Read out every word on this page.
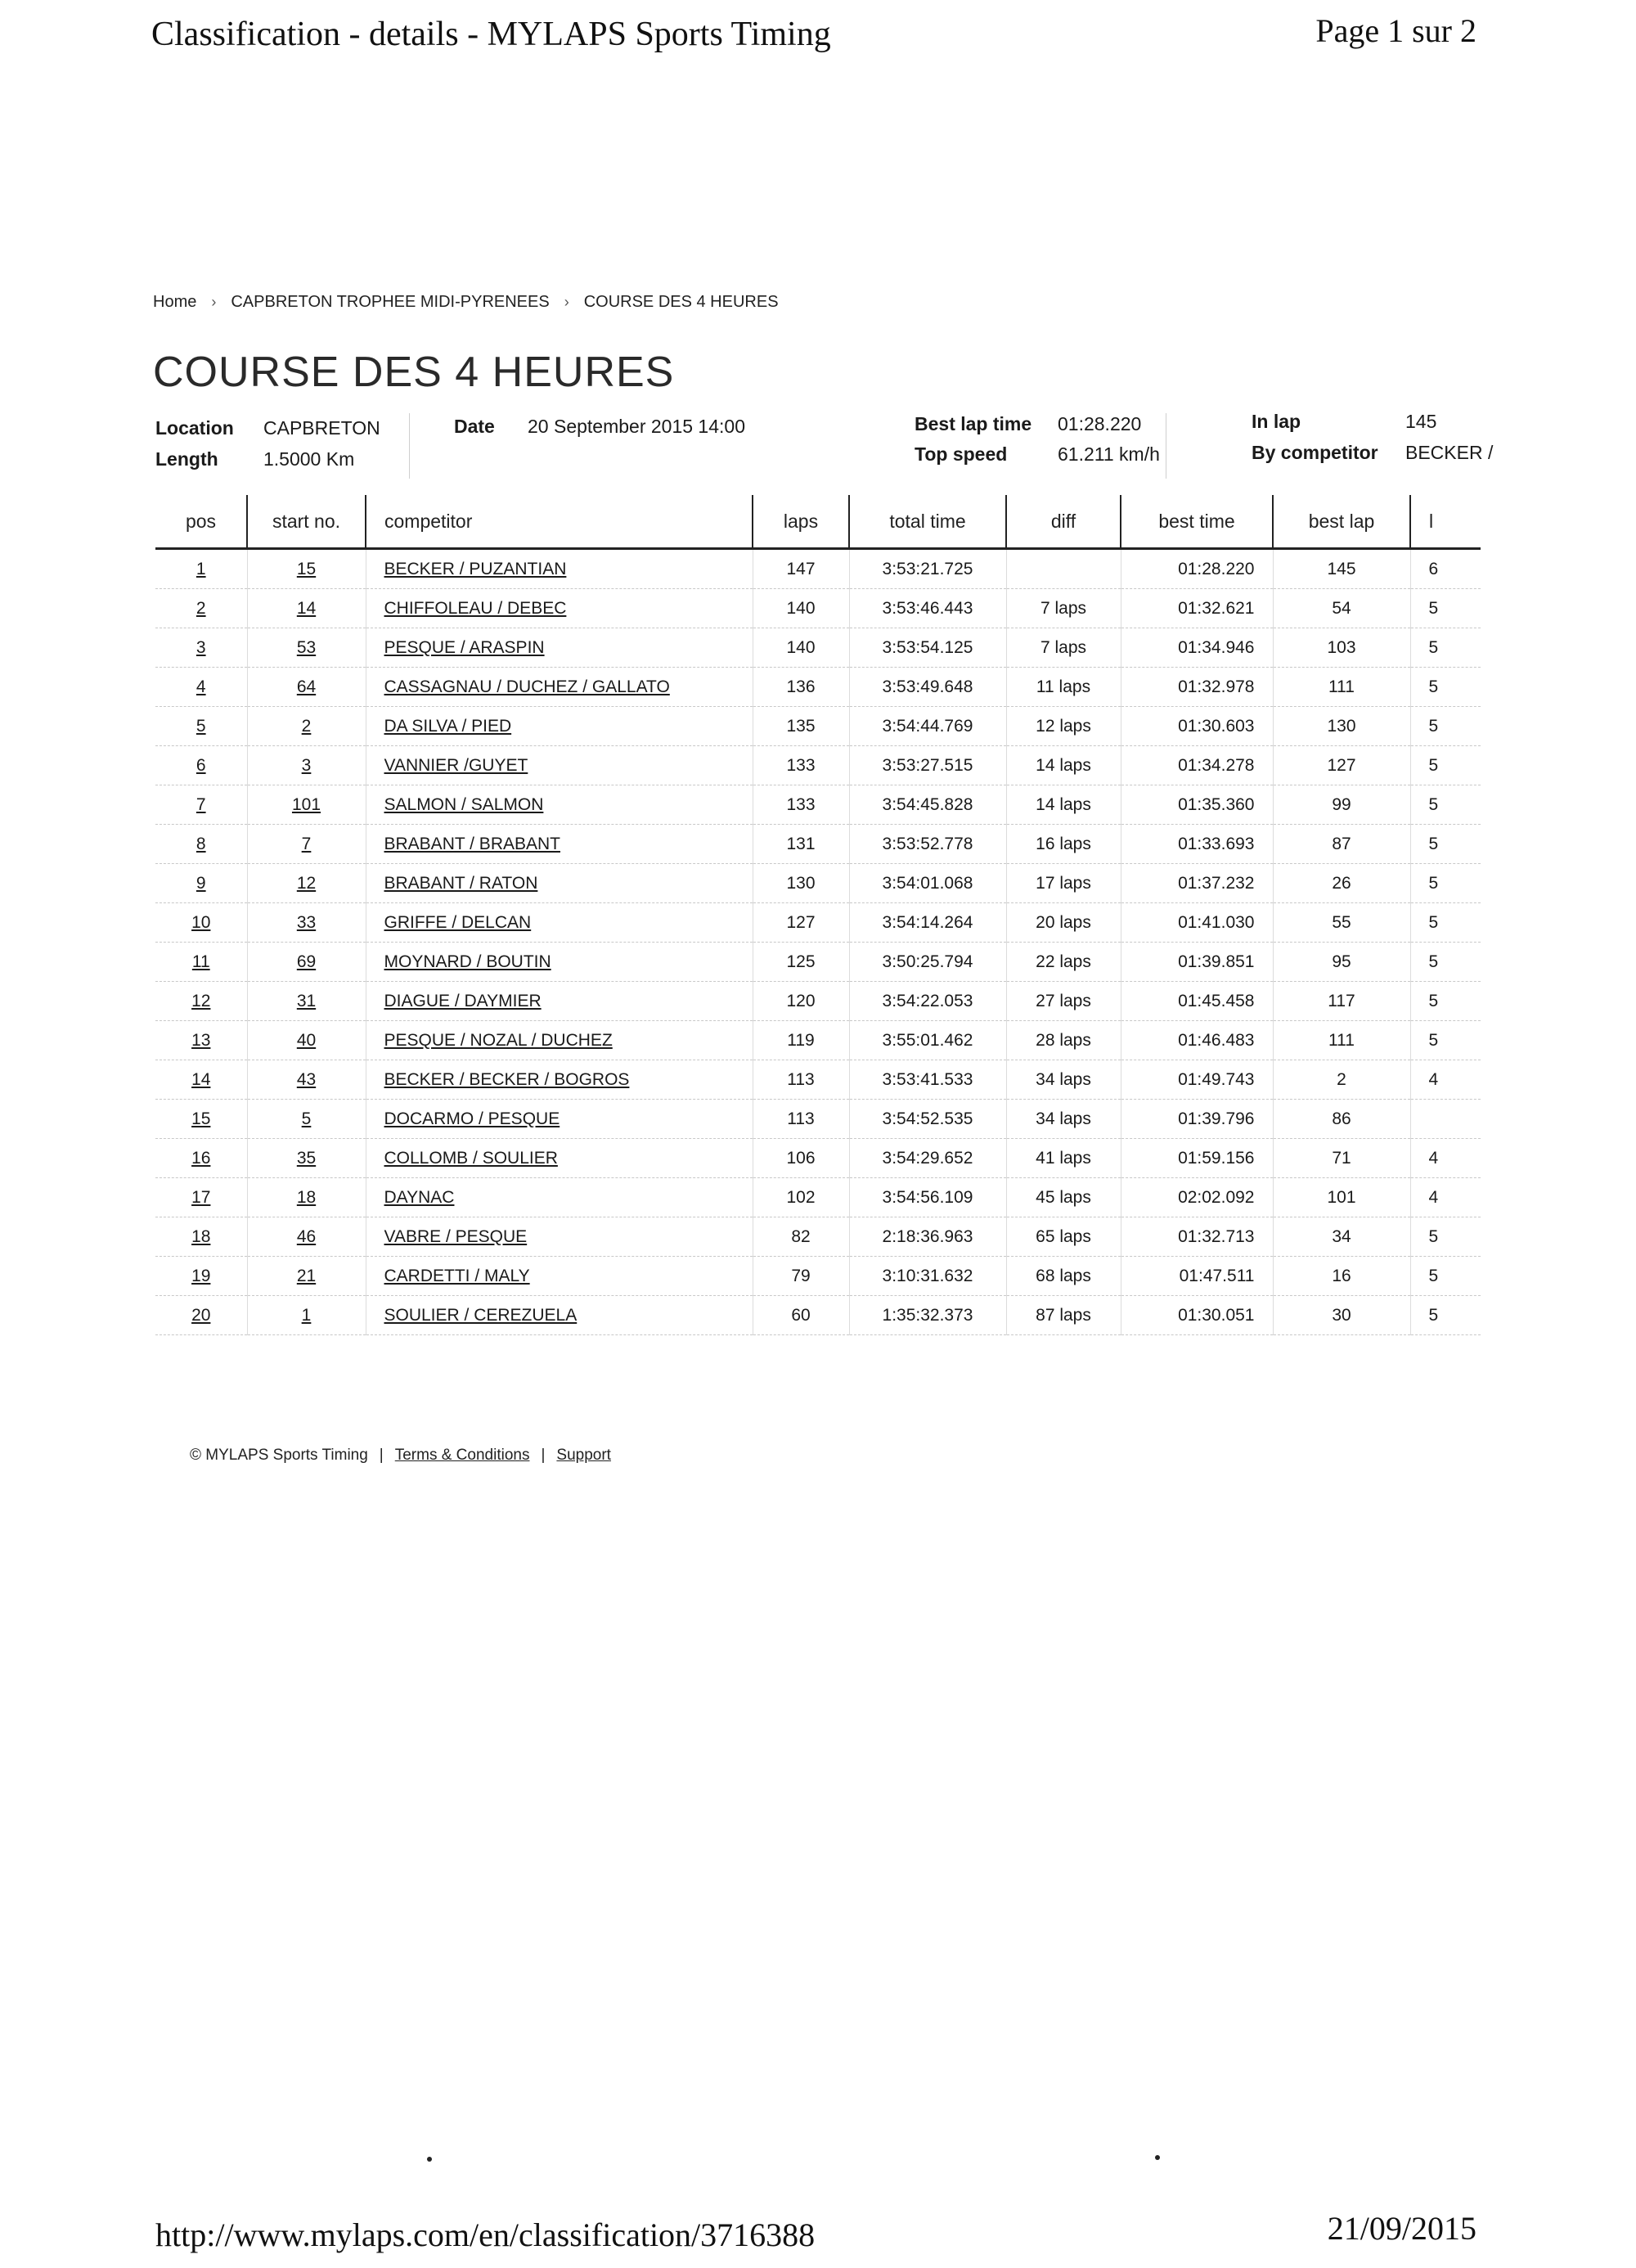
Classification - details - MYLAPS Sports Timing	Page 1 sur 2
Home › CAPBRETON TROPHEE MIDI-PYRENEES › COURSE DES 4 HEURES
COURSE DES 4 HEURES
Location CAPBRETON
Length 1.5000 Km
Date 20 September 2015 14:00	Best lap time 01:28.220
Top speed	61.211 km/h
In lap	145
By competitor BECKER /
pos	start no.	competitor	laps	total time	diff	best time	best lap	l
1	15	BECKER / PUZANTIAN	147	3:53:21.725		01:28.220	145	6
2	14	CHIFFOLEAU / DEBEC	140	3:53:46.443	7 laps	01:32.621	54	5
3	53	PESQUE / ARASPIN	140	3:53:54.125	7 laps	01:34.946	103	5
4	64	CASSAGNAU / DUCHEZ / GALLATO	136	3:53:49.648	11 laps	01:32.978	111	5
5	2	DA SILVA / PIED	135	3:54:44.769	12 laps	01:30.603	130	5
6	3	VANNIER /GUYET	133	3:53:27.515	14 laps	01:34.278	127	5
7	101	SALMON / SALMON	133	3:54:45.828	14 laps	01:35.360	99	5
8	7	BRABANT / BRABANT	131	3:53:52.778	16 laps	01:33.693	87	5
9	12	BRABANT / RATON	130	3:54:01.068	17 laps	01:37.232	26	5
10	33	GRIFFE / DELCAN	127	3:54:14.264	20 laps	01:41.030	55	5
11	69	MOYNARD / BOUTIN	125	3:50:25.794	22 laps	01:39.851	95	5
12	31	DIAGUE / DAYMIER	120	3:54:22.053	27 laps	01:45.458	117	5
13	40	PESQUE / NOZAL / DUCHEZ	119	3:55:01.462	28 laps	01:46.483	111	5
14	43	BECKER / BECKER / BOGROS	113	3:53:41.533	34 laps	01:49.743	2	4
15	5	DOCARMO / PESQUE	113	3:54:52.535	34 laps	01:39.796	86	
16	35	COLLOMB / SOULIER	106	3:54:29.652	41 laps	01:59.156	71	4
17	18	DAYNAC	102	3:54:56.109	45 laps	02:02.092	101	4
18	46	VABRE / PESQUE	82	2:18:36.963	65 laps	01:32.713	34	5
19	21	CARDETTI / MALY	79	3:10:31.632	68 laps	01:47.511	16	5
20	1	SOULIER / CEREZUELA	60	1:35:32.373	87 laps	01:30.051	30	5
© MYLAPS Sports Timing | Terms & Conditions | Support
http://www.mylaps.com/en/classification/3716388	21/09/2015
